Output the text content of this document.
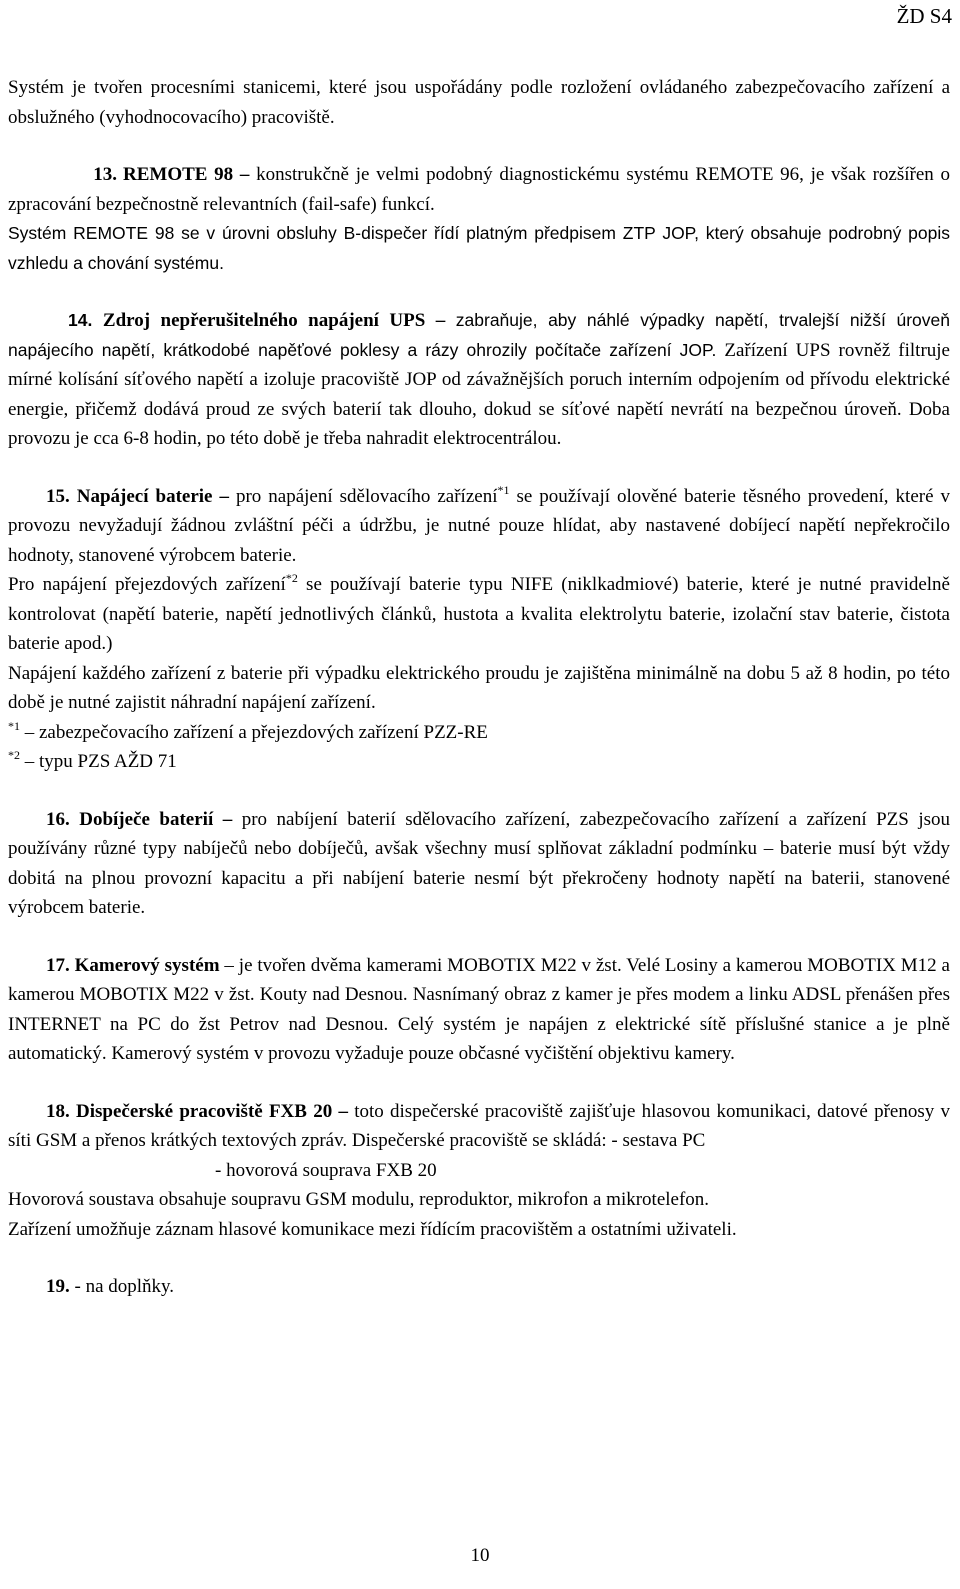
ŽD S4

Systém je tvořen procesními stanicemi, které jsou uspořádány podle rozložení ovládaného zabezpečovacího zařízení a obslužného (vyhodnocovacího) pracoviště.

13. REMOTE 98 – konstrukčně je velmi podobný diagnostickému systému REMOTE 96, je však rozšířen o zpracování bezpečnostně relevantních (fail-safe) funkcí.

Systém REMOTE 98 se v úrovni obsluhy B-dispečer řídí platným předpisem ZTP JOP, který obsahuje podrobný popis vzhledu a chování systému.

14. Zdroj nepřerušitelného napájení UPS – zabraňuje, aby náhlé výpadky napětí, trvalejší nižší úroveň napájecího napětí, krátkodobé napěťové poklesy a rázy ohrozily počítače zařízení JOP. Zařízení UPS rovněž filtruje mírné kolísání síťového napětí a izoluje pracoviště JOP od závažnějších poruch interním odpojením od přívodu elektrické energie, přičemž dodává proud ze svých baterií tak dlouho, dokud se síťové napětí nevrátí na bezpečnou úroveň. Doba provozu je cca 6-8 hodin, po této době je třeba nahradit elektrocentrálou.

15. Napájecí baterie – pro napájení sdělovacího zařízení$^{*1}$ se používají olověné baterie těsného provedení, které v provozu nevyžadují žádnou zvláštní péči a údržbu, je nutné pouze hlídat, aby nastavené dobíjecí napětí nepřekročilo hodnoty, stanovené výrobcem baterie.

Pro napájení přejezdových zařízení$^{*2}$ se používají baterie typu NIFE (niklkadmiové) baterie, které je nutné pravidelně kontrolovat (napětí baterie, napětí jednotlivých článků, hustota a kvalita elektrolytu baterie, izolační stav baterie, čistota baterie apod.)

Napájení každého zařízení z baterie při výpadku elektrického proudu je zajištěna minimálně na dobu 5 až 8 hodin, po této době je nutné zajistit náhradní napájení zařízení.

$^{*1}$ – zabezpečovacího zařízení a přejezdových zařízení PZZ-RE

$^{*2}$ – typu PZS AŽD 71

16. Dobíječe baterií – pro nabíjení baterií sdělovacího zařízení, zabezpečovacího zařízení a zařízení PZS jsou používány různé typy nabíječů nebo dobíječů, avšak všechny musí splňovat základní podmínku – baterie musí být vždy dobitá na plnou provozní kapacitu a při nabíjení baterie nesmí být překročeny hodnoty napětí na baterii, stanovené výrobcem baterie.

17. Kamerový systém – je tvořen dvěma kamerami MOBOTIX M22 v žst. Velé Losiny a kamerou MOBOTIX M12 a kamerou MOBOTIX M22 v žst. Kouty nad Desnou. Nasnímaný obraz z kamer je přes modem a linku ADSL přenášen přes INTERNET na PC do žst Petrov nad Desnou. Celý systém je napájen z elektrické sítě příslušné stanice a je plně automatický. Kamerový systém v provozu vyžaduje pouze občasné vyčištění objektivu kamery.

18. Dispečerské pracoviště FXB 20 – toto dispečerské pracoviště zajišťuje hlasovou komunikaci, datové přenosy v síti GSM a přenos krátkých textových zpráv. Dispečerské pracoviště se skládá: - sestava PC

- hovorová souprava FXB 20

Hovorová soustava obsahuje soupravu GSM modulu, reproduktor, mikrofon a mikrotelefon.

Zařízení umožňuje záznam hlasové komunikace mezi řídícím pracovištěm a ostatními uživateli.

19. - na doplňky.

10
